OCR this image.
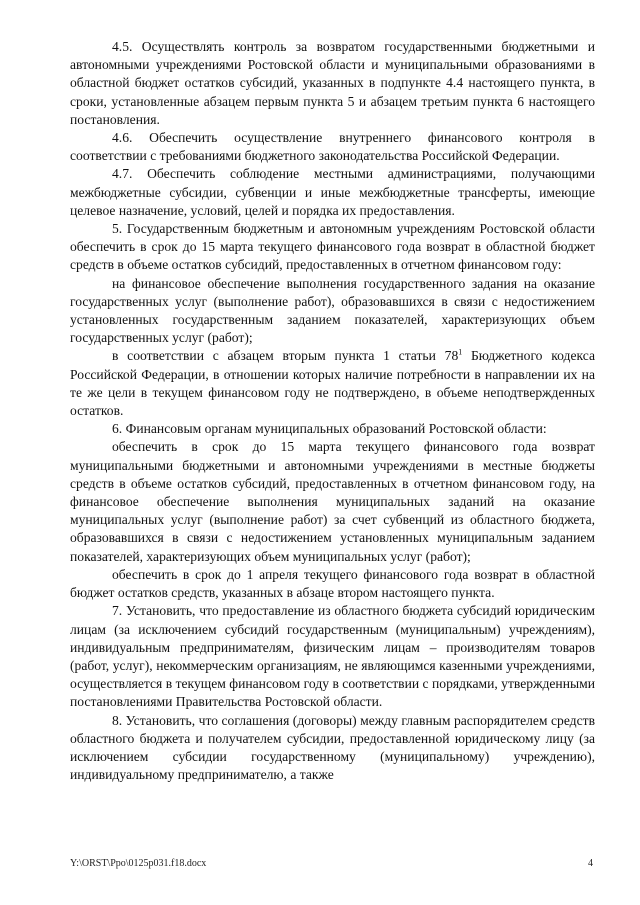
4.5. Осуществлять контроль за возвратом государственными бюджетными и автономными учреждениями Ростовской области и муниципальными образованиями в областной бюджет остатков субсидий, указанных в подпункте 4.4 настоящего пункта, в сроки, установленные абзацем первым пункта 5 и абзацем третьим пункта 6 настоящего постановления.

4.6. Обеспечить осуществление внутреннего финансового контроля в соответствии с требованиями бюджетного законодательства Российской Федерации.

4.7. Обеспечить соблюдение местными администрациями, получающими межбюджетные субсидии, субвенции и иные межбюджетные трансферты, имеющие целевое назначение, условий, целей и порядка их предоставления.

5. Государственным бюджетным и автономным учреждениям Ростовской области обеспечить в срок до 15 марта текущего финансового года возврат в областной бюджет средств в объеме остатков субсидий, предоставленных в отчетном финансовом году:

на финансовое обеспечение выполнения государственного задания на оказание государственных услуг (выполнение работ), образовавшихся в связи с недостижением установленных государственным заданием показателей, характеризующих объем государственных услуг (работ);

в соответствии с абзацем вторым пункта 1 статьи $78^1$ Бюджетного кодекса Российской Федерации, в отношении которых наличие потребности в направлении их на те же цели в текущем финансовом году не подтверждено, в объеме неподтвержденных остатков.

6. Финансовым органам муниципальных образований Ростовской области:

обеспечить в срок до 15 марта текущего финансового года возврат муниципальными бюджетными и автономными учреждениями в местные бюджеты средств в объеме остатков субсидий, предоставленных в отчетном финансовом году, на финансовое обеспечение выполнения муниципальных заданий на оказание муниципальных услуг (выполнение работ) за счет субвенций из областного бюджета, образовавшихся в связи с недостижением установленных муниципальным заданием показателей, характеризующих объем муниципальных услуг (работ);

обеспечить в срок до 1 апреля текущего финансового года возврат в областной бюджет остатков средств, указанных в абзаце втором настоящего пункта.

7. Установить, что предоставление из областного бюджета субсидий юридическим лицам (за исключением субсидий государственным (муниципальным) учреждениям), индивидуальным предпринимателям, физическим лицам – производителям товаров (работ, услуг), некоммерческим организациям, не являющимся казенными учреждениями, осуществляется в текущем финансовом году в соответствии с порядками, утвержденными постановлениями Правительства Ростовской области.

8. Установить, что соглашения (договоры) между главным распорядителем средств областного бюджета и получателем субсидии, предоставленной юридическому лицу (за исключением субсидии государственному (муниципальному) учреждению), индивидуальному предпринимателю, а также

Y:\ORST\Ppo\0125p031.f18.docx	4
